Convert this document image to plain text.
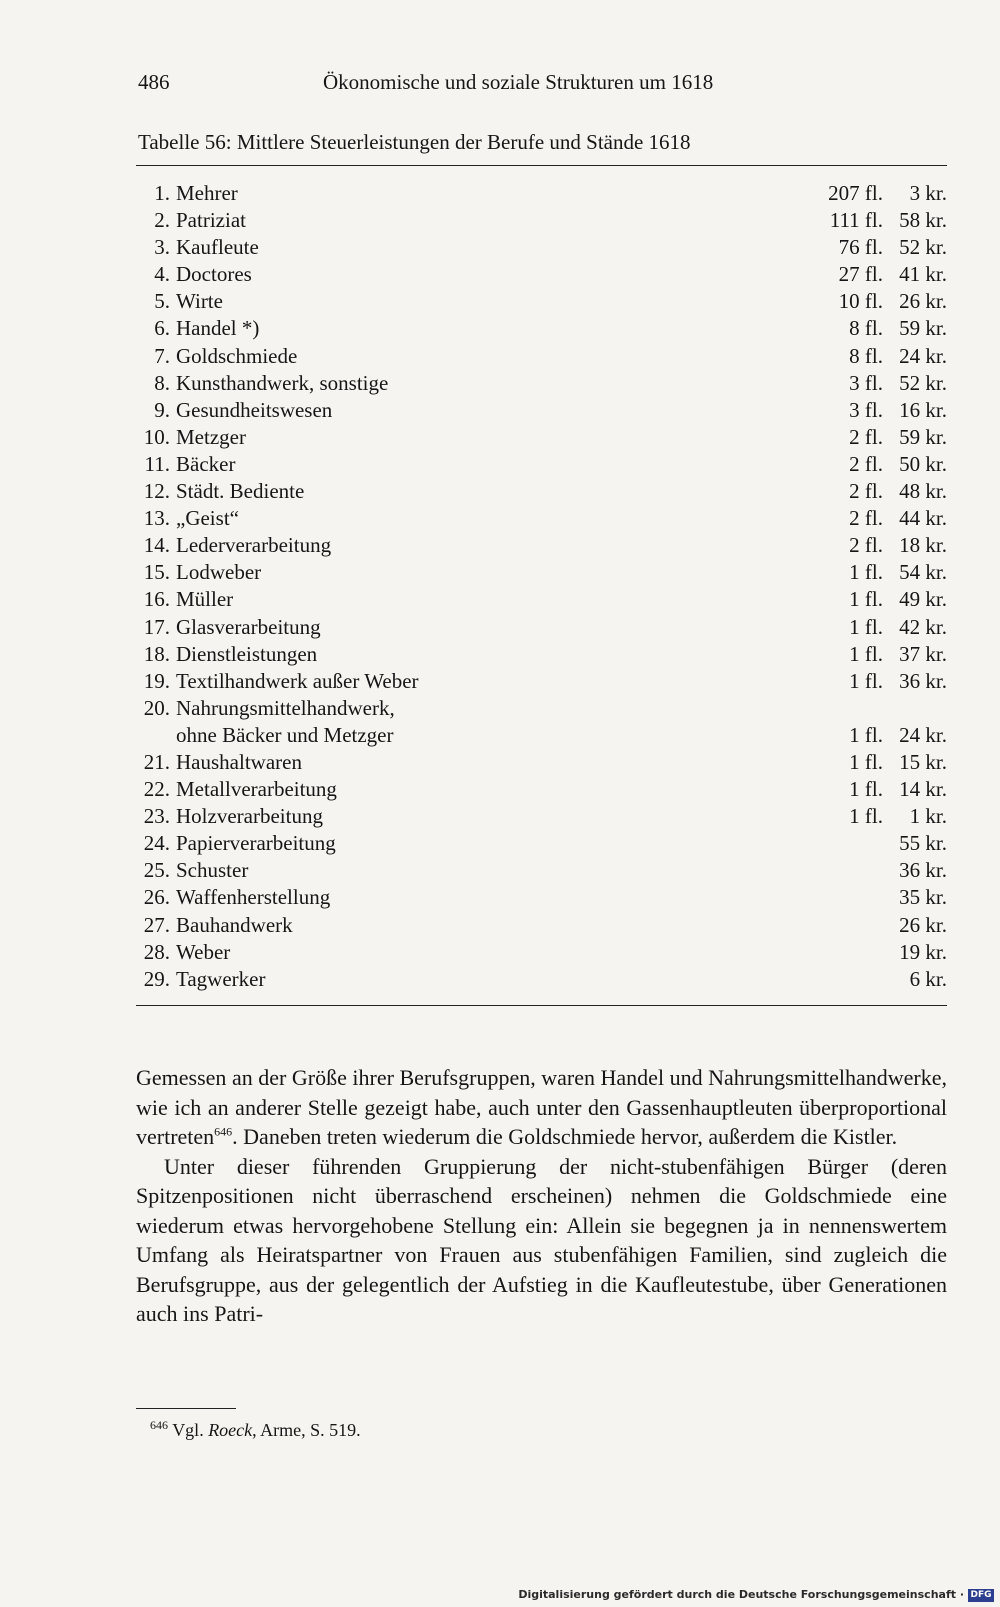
486	Ökonomische und soziale Strukturen um 1618
Tabelle 56: Mittlere Steuerleistungen der Berufe und Stände 1618
1. Mehrer	207 fl.	3 kr.
2. Patriziat	111 fl. 58 kr.
3. Kaufleute	76 fl. 52 kr.
4. Doctores	27 fl. 41 kr.
5. Wirte	10 fl. 26 kr.
6. Handel *)	8 fl. 59 kr.
7. Goldschmiede	8 fl. 24 kr.
8. Kunsthandwerk, sonstige	3 fl. 52 kr.
9. Gesundheitswesen	3 fl. 16 kr.
10. Metzger	2 fl. 59 kr.
11. Bäcker	2 fl. 50 kr.
12. Städt. Bediente	2 fl. 48 kr.
13. „Geist“	2 fl. 44 kr.
14. Lederverarbeitung	2 fl. 18 kr.
15. Lodweber	1 fl. 54 kr.
16. Müller	1 fl. 49 kr.
17. Glasverarbeitung	1 fl. 42 kr.
18. Dienstleistungen	1 fl. 37 kr.
19. Textilhandwerk außer Weber	1 fl. 36 kr.
20. Nahrungsmittelhandwerk,
ohne Bäcker und Metzger	1 fl. 24 kr.
21. Haushaltwaren	1 fl. 15 kr.
22. Metallverarbeitung	1 fl. 14 kr.
23. Holzverarbeitung	1 fl.	1 kr.
24. Papierverarbeitung	55 kr.
25. Schuster	36 kr.
26. Waffenherstellung	35 kr.
27. Bauhandwerk	26 kr.
28. Weber	19 kr.
29. Tagwerker	6 kr.

Gemessen an der Größe ihrer Berufsgruppen, waren Handel und Nahrungsmittelhandwerke, wie ich an anderer Stelle gezeigt habe, auch unter den Gassenhauptleuten überproportional vertreten$^{646}$. Daneben treten wiederum die Goldschmiede hervor, außerdem die Kistler.

Unter dieser führenden Gruppierung der nicht-stubenfähigen Bürger (deren Spitzenpositionen nicht überraschend erscheinen) nehmen die Goldschmiede eine wiederum etwas hervorgehobene Stellung ein: Allein sie begegnen ja in nennenswertem Umfang als Heiratspartner von Frauen aus stubenfähigen Familien, sind zugleich die Berufsgruppe, aus der gelegentlich der Aufstieg in die Kaufleutestube, über Generationen auch ins Patri-

$^{646}$ Vgl. Roeck, Arme, S. 519.
Digitalisierung gefördert durch die Deutsche Forschungsgemeinschaft · DFG
